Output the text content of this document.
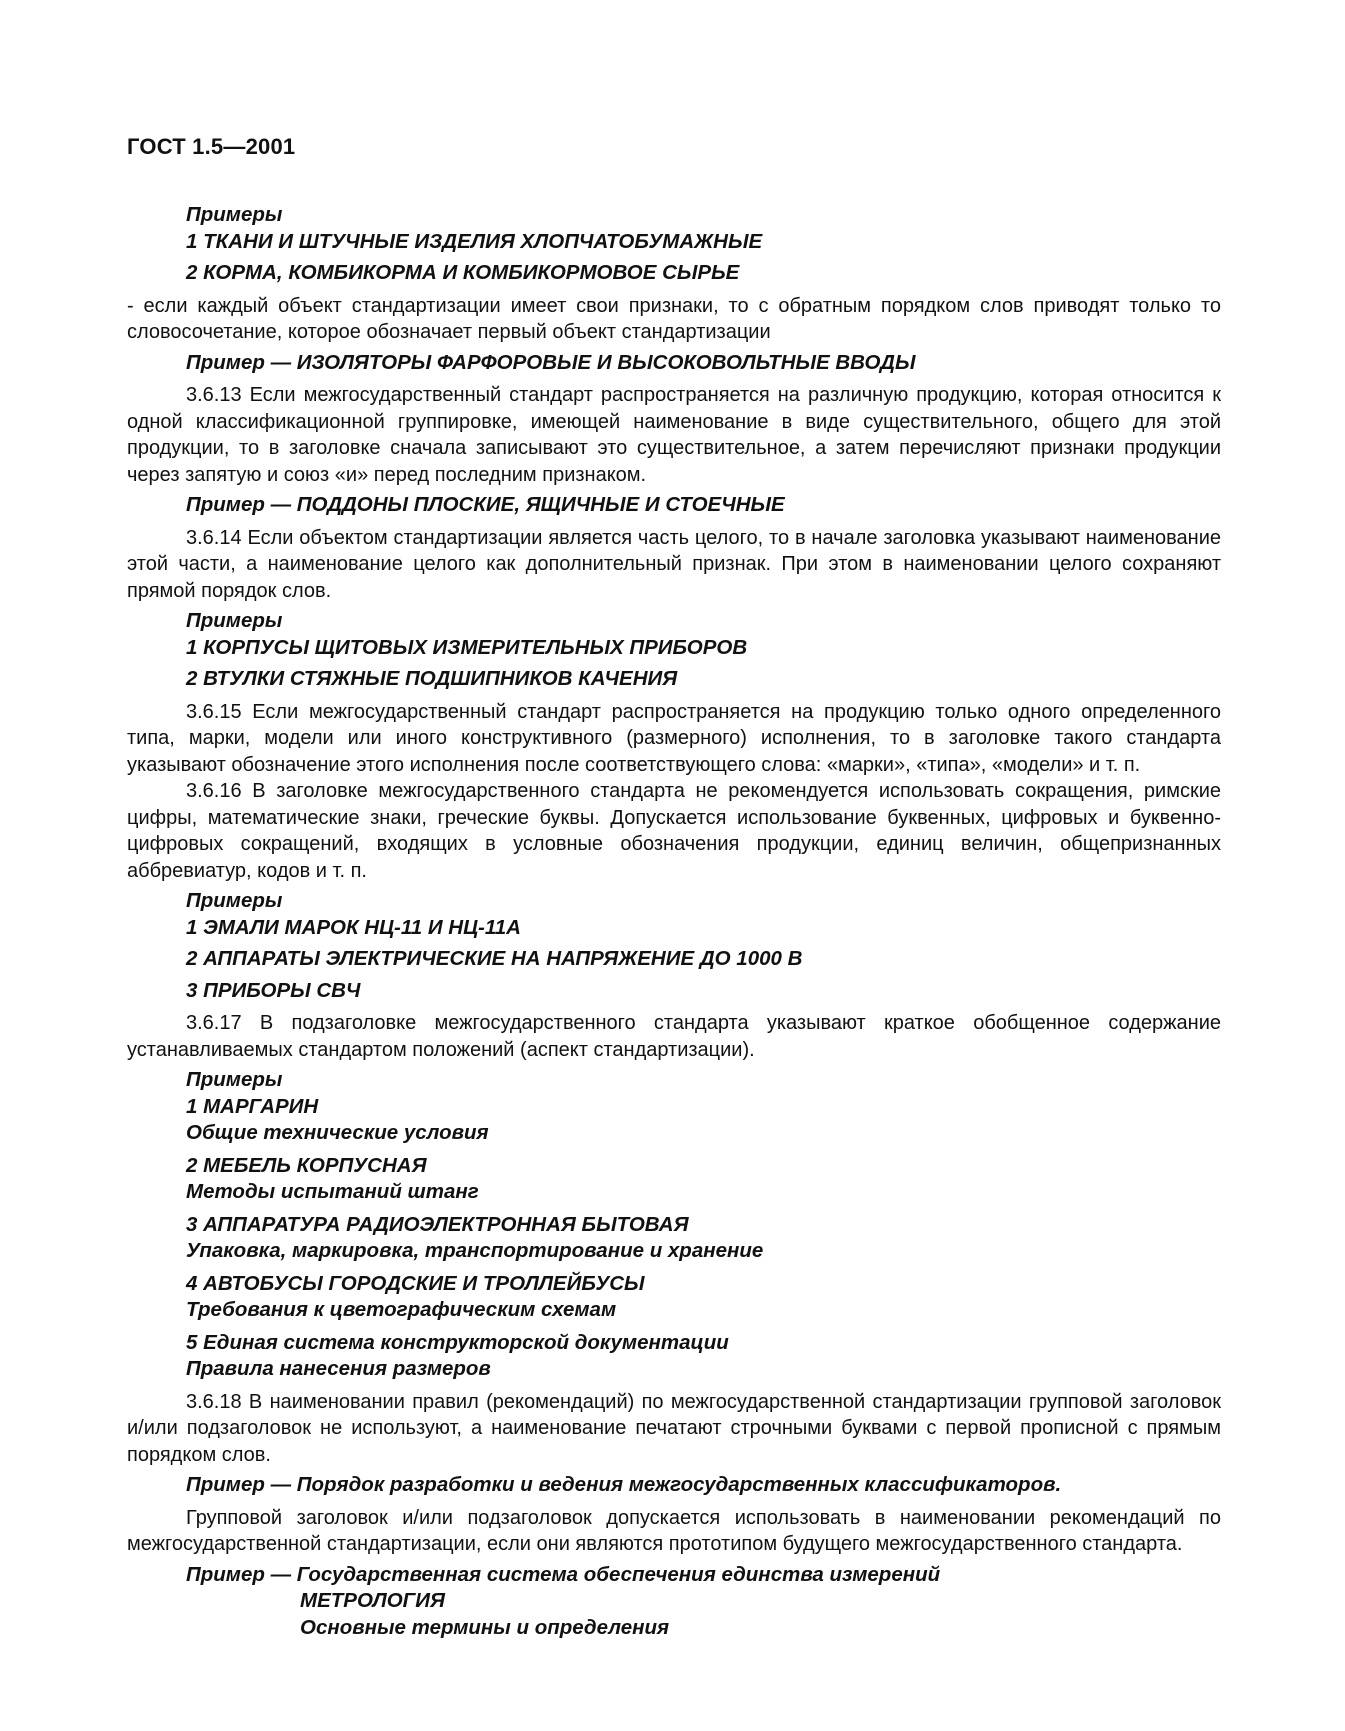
ГОСТ 1.5—2001

Примеры

1 ТКАНИ И ШТУЧНЫЕ ИЗДЕЛИЯ ХЛОПЧАТОБУМАЖНЫЕ

2 КОРМА, КОМБИКОРМА И КОМБИКОРМОВОЕ СЫРЬЕ

- если каждый объект стандартизации имеет свои признаки, то с обратным порядком слов приводят только то словосочетание, которое обозначает первый объект стандартизации

Пример — ИЗОЛЯТОРЫ ФАРФОРОВЫЕ И ВЫСОКОВОЛЬТНЫЕ ВВОДЫ

3.6.13 Если межгосударственный стандарт распространяется на различную продукцию, которая относится к одной классификационной группировке, имеющей наименование в виде существительного, общего для этой продукции, то в заголовке сначала записывают это существительное, а затем перечисляют признаки продукции через запятую и союз «и» перед последним признаком.

Пример — ПОДДОНЫ ПЛОСКИЕ, ЯЩИЧНЫЕ И СТОЕЧНЫЕ

3.6.14 Если объектом стандартизации является часть целого, то в начале заголовка указывают наименование этой части, а наименование целого как дополнительный признак. При этом в наименовании целого сохраняют прямой порядок слов.

Примеры

1 КОРПУСЫ ЩИТОВЫХ ИЗМЕРИТЕЛЬНЫХ ПРИБОРОВ

2 ВТУЛКИ СТЯЖНЫЕ ПОДШИПНИКОВ КАЧЕНИЯ

3.6.15 Если межгосударственный стандарт распространяется на продукцию только одного определенного типа, марки, модели или иного конструктивного (размерного) исполнения, то в заголовке такого стандарта указывают обозначение этого исполнения после соответствующего слова: «марки», «типа», «модели» и т. п.

3.6.16 В заголовке межгосударственного стандарта не рекомендуется использовать сокращения, римские цифры, математические знаки, греческие буквы. Допускается использование буквенных, цифровых и буквенно-цифровых сокращений, входящих в условные обозначения продукции, единиц величин, общепризнанных аббревиатур, кодов и т. п.

Примеры

1 ЭМАЛИ МАРОК НЦ-11 И НЦ-11А

2 АППАРАТЫ ЭЛЕКТРИЧЕСКИЕ НА НАПРЯЖЕНИЕ ДО 1000 В

3 ПРИБОРЫ СВЧ

3.6.17 В подзаголовке межгосударственного стандарта указывают краткое обобщенное содержание устанавливаемых стандартом положений (аспект стандартизации).

Примеры

1 МАРГАРИН

Общие технические условия

2 МЕБЕЛЬ КОРПУСНАЯ

Методы испытаний штанг

3 АППАРАТУРА РАДИОЭЛЕКТРОННАЯ БЫТОВАЯ

Упаковка, маркировка, транспортирование и хранение

4 АВТОБУСЫ ГОРОДСКИЕ И ТРОЛЛЕЙБУСЫ

Требования к цветографическим схемам

5 Единая система конструкторской документации

Правила нанесения размеров

3.6.18 В наименовании правил (рекомендаций) по межгосударственной стандартизации групповой заголовок и/или подзаголовок не используют, а наименование печатают строчными буквами с первой прописной с прямым порядком слов.

Пример — Порядок разработки и ведения межгосударственных классификаторов.

Групповой заголовок и/или подзаголовок допускается использовать в наименовании рекомендаций по межгосударственной стандартизации, если они являются прототипом будущего межгосударственного стандарта.

Пример — Государственная система обеспечения единства измерений

МЕТРОЛОГИЯ

Основные термины и определения
